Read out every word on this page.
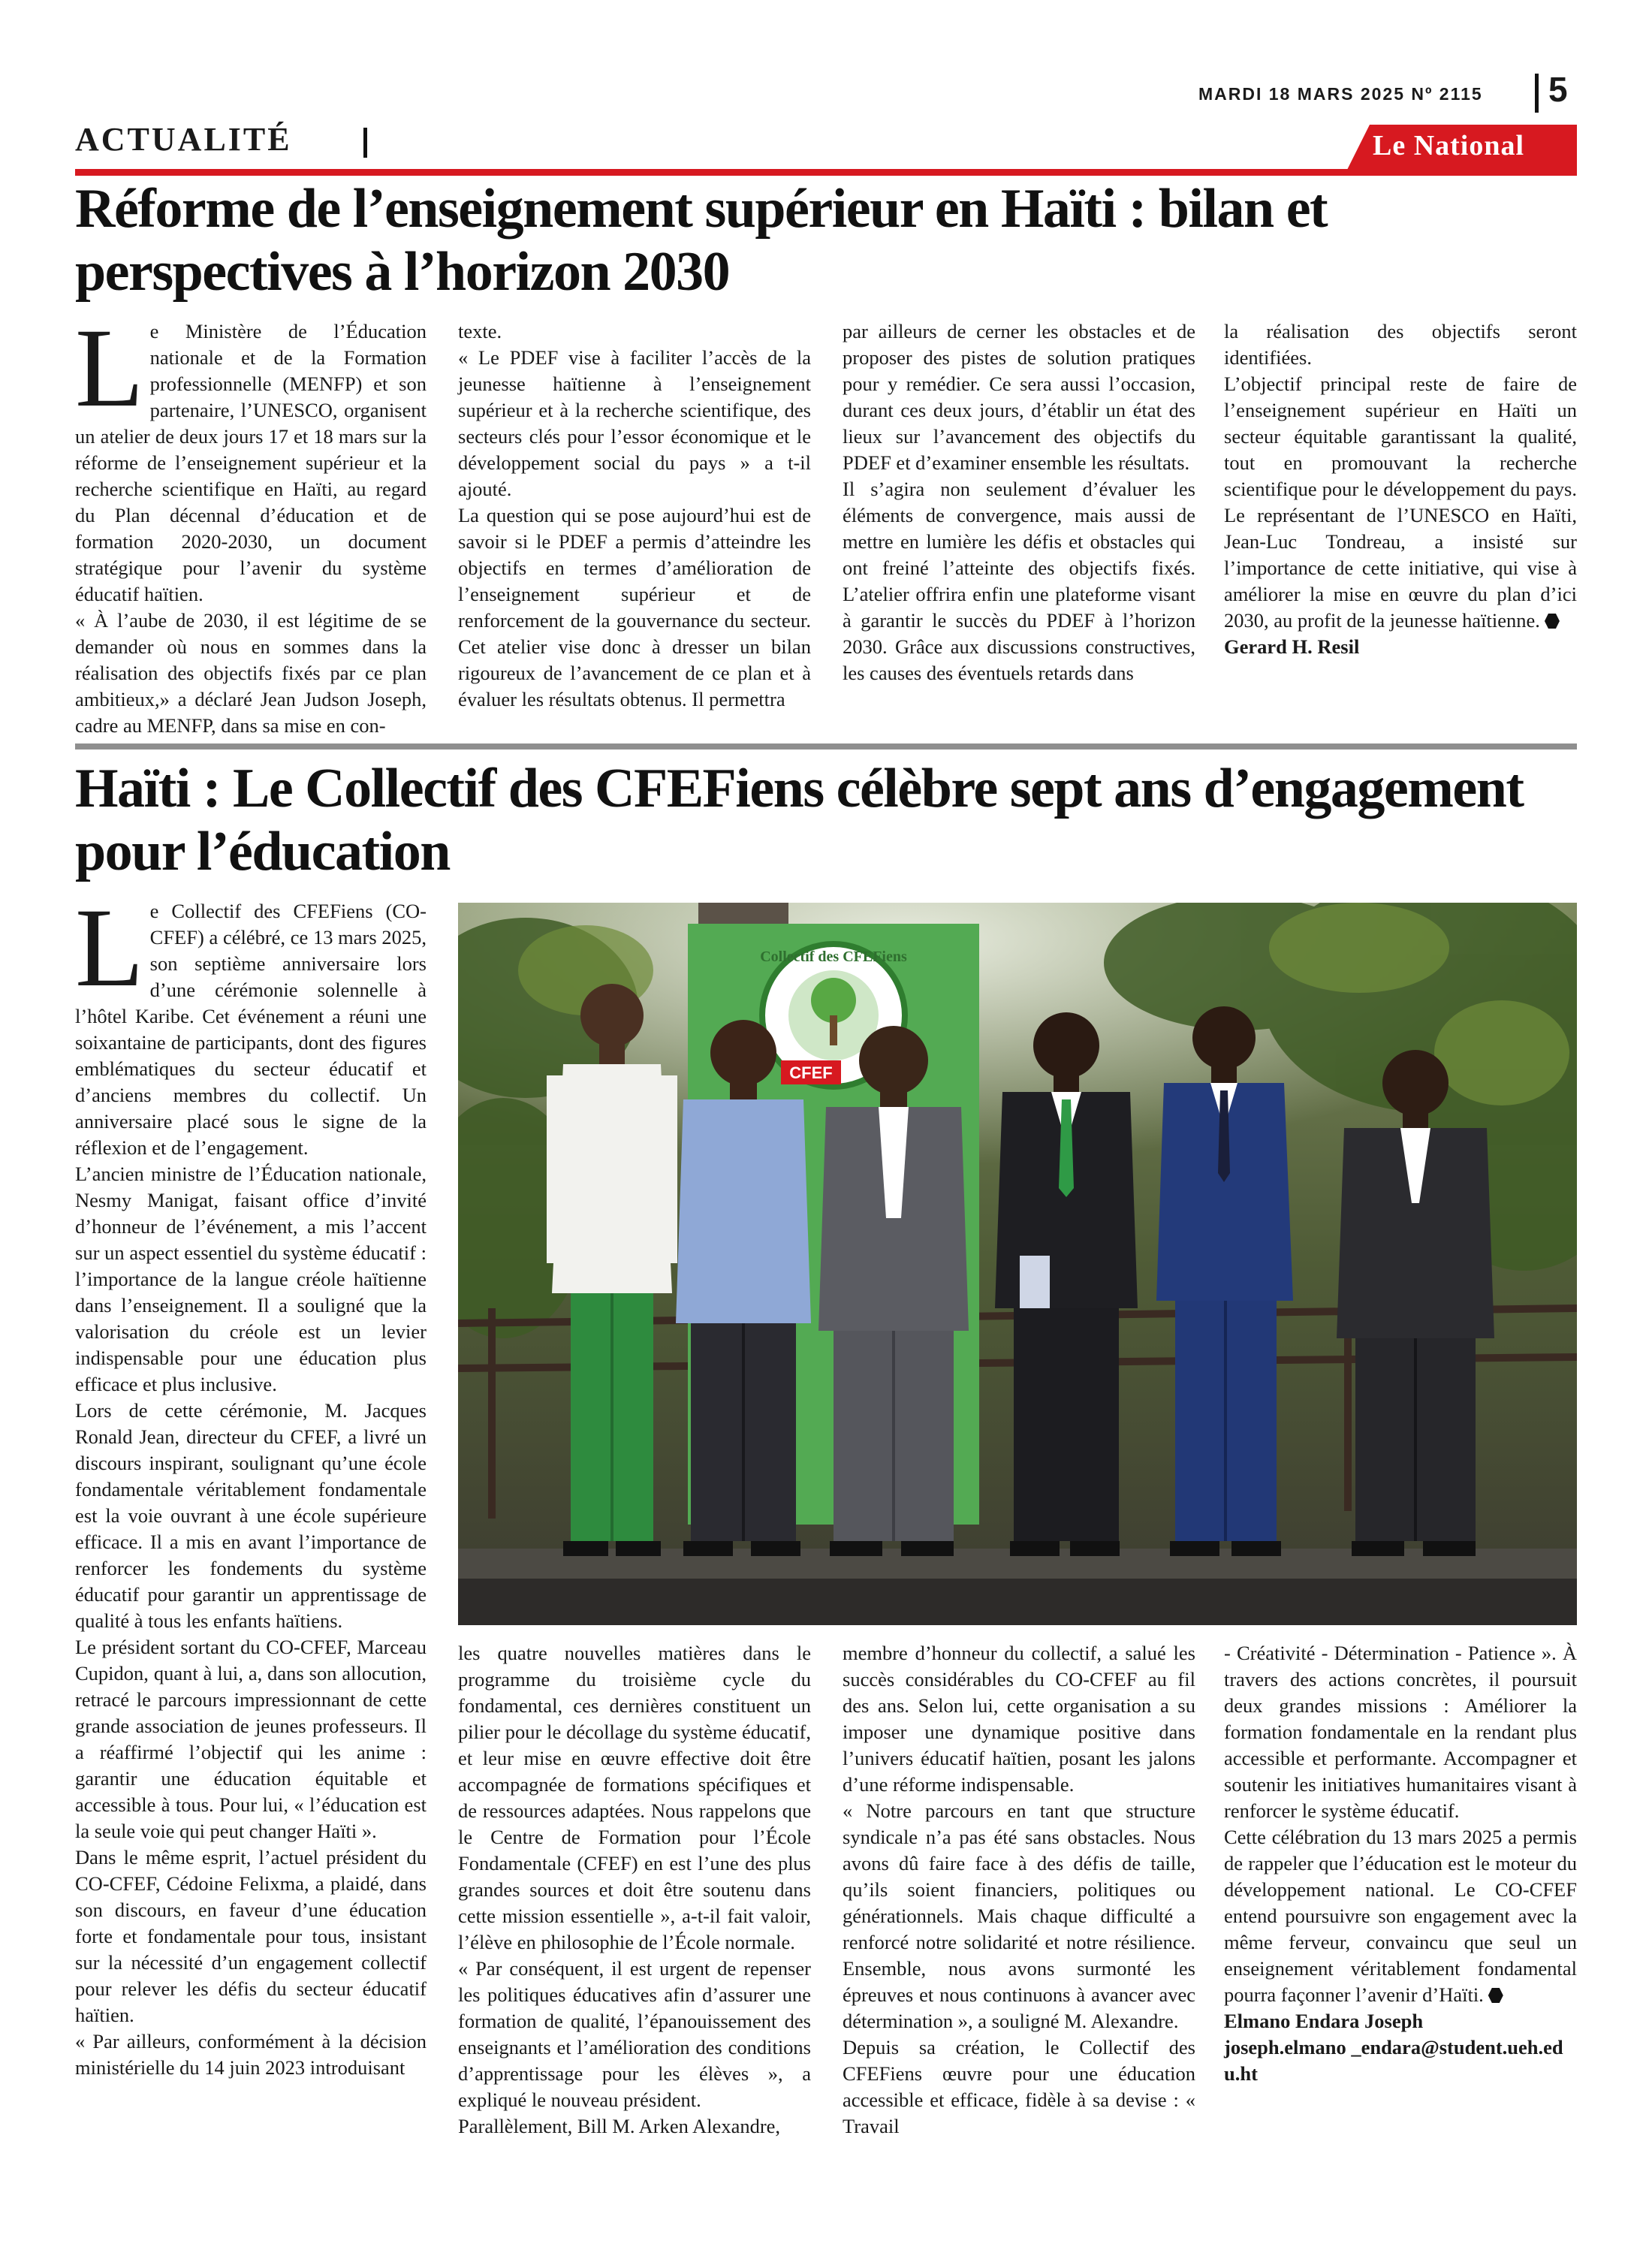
MARDI 18 MARS 2025 Nº 2115 5
ACTUALITÉ	Le National
Réforme de l’enseignement supérieur en Haïti : bilan et perspectives à l’horizon 2030

Le Ministère de l’Éducation nationale et de la Formation professionnelle (MENFP) et son partenaire, l’UNESCO, organisent un atelier de deux jours 17 et 18 mars sur la réforme de l’enseignement supérieur et la recherche scientifique en Haïti, au regard du Plan décennal d’éducation et de formation 2020-2030, un document stratégique pour l’avenir du système éducatif haïtien.

« À l’aube de 2030, il est légitime de se demander où nous en sommes dans la réalisation des objectifs fixés par ce plan ambitieux,» a déclaré Jean Judson Joseph, cadre au MENFP, dans sa mise en con-

texte.

« Le PDEF vise à faciliter l’accès de la jeunesse haïtienne à l’enseignement supérieur et à la recherche scientifique, des secteurs clés pour l’essor économique et le développement social du pays » a t-il ajouté.

La question qui se pose aujourd’hui est de savoir si le PDEF a permis d’atteindre les objectifs en termes d’amélioration de l’enseignement supérieur et de renforcement de la gouvernance du secteur. Cet atelier vise donc à dresser un bilan rigoureux de l’avancement de ce plan et à évaluer les résultats obtenus. Il permettra

par ailleurs de cerner les obstacles et de proposer des pistes de solution pratiques pour y remédier. Ce sera aussi l’occasion, durant ces deux jours, d’établir un état des lieux sur l’avancement des objectifs du PDEF et d’examiner ensemble les résultats.

Il s’agira non seulement d’évaluer les éléments de convergence, mais aussi de mettre en lumière les défis et obstacles qui ont freiné l’atteinte des objectifs fixés. L’atelier offrira enfin une plateforme visant à garantir le succès du PDEF à l’horizon 2030. Grâce aux discussions constructives, les causes des éventuels retards dans

la réalisation des objectifs seront identifiées.

L’objectif principal reste de faire de l’enseignement supérieur en Haïti un secteur équitable garantissant la qualité, tout en promouvant la recherche scientifique pour le développement du pays. Le représentant de l’UNESCO en Haïti, Jean-Luc Tondreau, a insisté sur l’importance de cette initiative, qui vise à améliorer la mise en œuvre du plan d’ici 2030, au profit de la jeunesse haïtienne.

Gerard H. Resil

Haïti : Le Collectif des CFEFiens célèbre sept ans d’engagement pour l’éducation

Le Collectif des CFEFiens (CO-CFEF) a célébré, ce 13 mars 2025, son septième anniversaire lors d’une cérémonie solennelle à l’hôtel Karibe. Cet événement a réuni une soixantaine de participants, dont des figures emblématiques du secteur éducatif et d’anciens membres du collectif. Un anniversaire placé sous le signe de la réflexion et de l’engagement.

L’ancien ministre de l’Éducation nationale, Nesmy Manigat, faisant office d’invité d’honneur de l’événement, a mis l’accent sur un aspect essentiel du système éducatif : l’importance de la langue créole haïtienne dans l’enseignement. Il a souligné que la valorisation du créole est un levier indispensable pour une éducation plus efficace et plus inclusive.

Lors de cette cérémonie, M. Jacques Ronald Jean, directeur du CFEF, a livré un discours inspirant, soulignant qu’une école fondamentale véritablement fondamentale est la voie ouvrant à une école supérieure efficace. Il a mis en avant l’importance de renforcer les fondements du système éducatif pour garantir un apprentissage de qualité à tous les enfants haïtiens.

Le président sortant du CO-CFEF, Marceau Cupidon, quant à lui, a, dans son allocution, retracé le parcours impressionnant de cette grande association de jeunes professeurs. Il a réaffirmé l’objectif qui les anime : garantir une éducation équitable et accessible à tous. Pour lui, « l’éducation est la seule voie qui peut changer Haïti ».

Dans le même esprit, l’actuel président du CO-CFEF, Cédoine Felixma, a plaidé, dans son discours, en faveur d’une éducation forte et fondamentale pour tous, insistant sur la nécessité d’un engagement collectif pour relever les défis du secteur éducatif haïtien.

« Par ailleurs, conformément à la décision ministérielle du 14 juin 2023 introduisant

CFEF
Collectif des CFEFiens

les quatre nouvelles matières dans le programme du troisième cycle du fondamental, ces dernières constituent un pilier pour le décollage du système éducatif, et leur mise en œuvre effective doit être accompagnée de formations spécifiques et de ressources adaptées. Nous rappelons que le Centre de Formation pour l’École Fondamentale (CFEF) en est l’une des plus grandes sources et doit être soutenu dans cette mission essentielle », a-t-il fait valoir, l’élève en philosophie de l’École normale.

« Par conséquent, il est urgent de repenser les politiques éducatives afin d’assurer une formation de qualité, l’épanouissement des enseignants et l’amélioration des conditions d’apprentissage pour les élèves », a expliqué le nouveau président.

Parallèlement, Bill M. Arken Alexandre,

membre d’honneur du collectif, a salué les succès considérables du CO-CFEF au fil des ans. Selon lui, cette organisation a su imposer une dynamique positive dans l’univers éducatif haïtien, posant les jalons d’une réforme indispensable.

« Notre parcours en tant que structure syndicale n’a pas été sans obstacles. Nous avons dû faire face à des défis de taille, qu’ils soient financiers, politiques ou générationnels. Mais chaque difficulté a renforcé notre solidarité et notre résilience. Ensemble, nous avons surmonté les épreuves et nous continuons à avancer avec détermination », a souligné M. Alexandre.

Depuis sa création, le Collectif des CFEFiens œuvre pour une éducation accessible et efficace, fidèle à sa devise : « Travail

- Créativité - Détermination - Patience ». À travers des actions concrètes, il poursuit deux grandes missions : Améliorer la formation fondamentale en la rendant plus accessible et performante. Accompagner et soutenir les initiatives humanitaires visant à renforcer le système éducatif.

Cette célébration du 13 mars 2025 a permis de rappeler que l’éducation est le moteur du développement national. Le CO-CFEF entend poursuivre son engagement avec la même ferveur, convaincu que seul un enseignement véritablement fondamental pourra façonner l’avenir d’Haïti.

Elmano Endara Joseph

joseph.elmano _endara@student.ueh.edu.ht
